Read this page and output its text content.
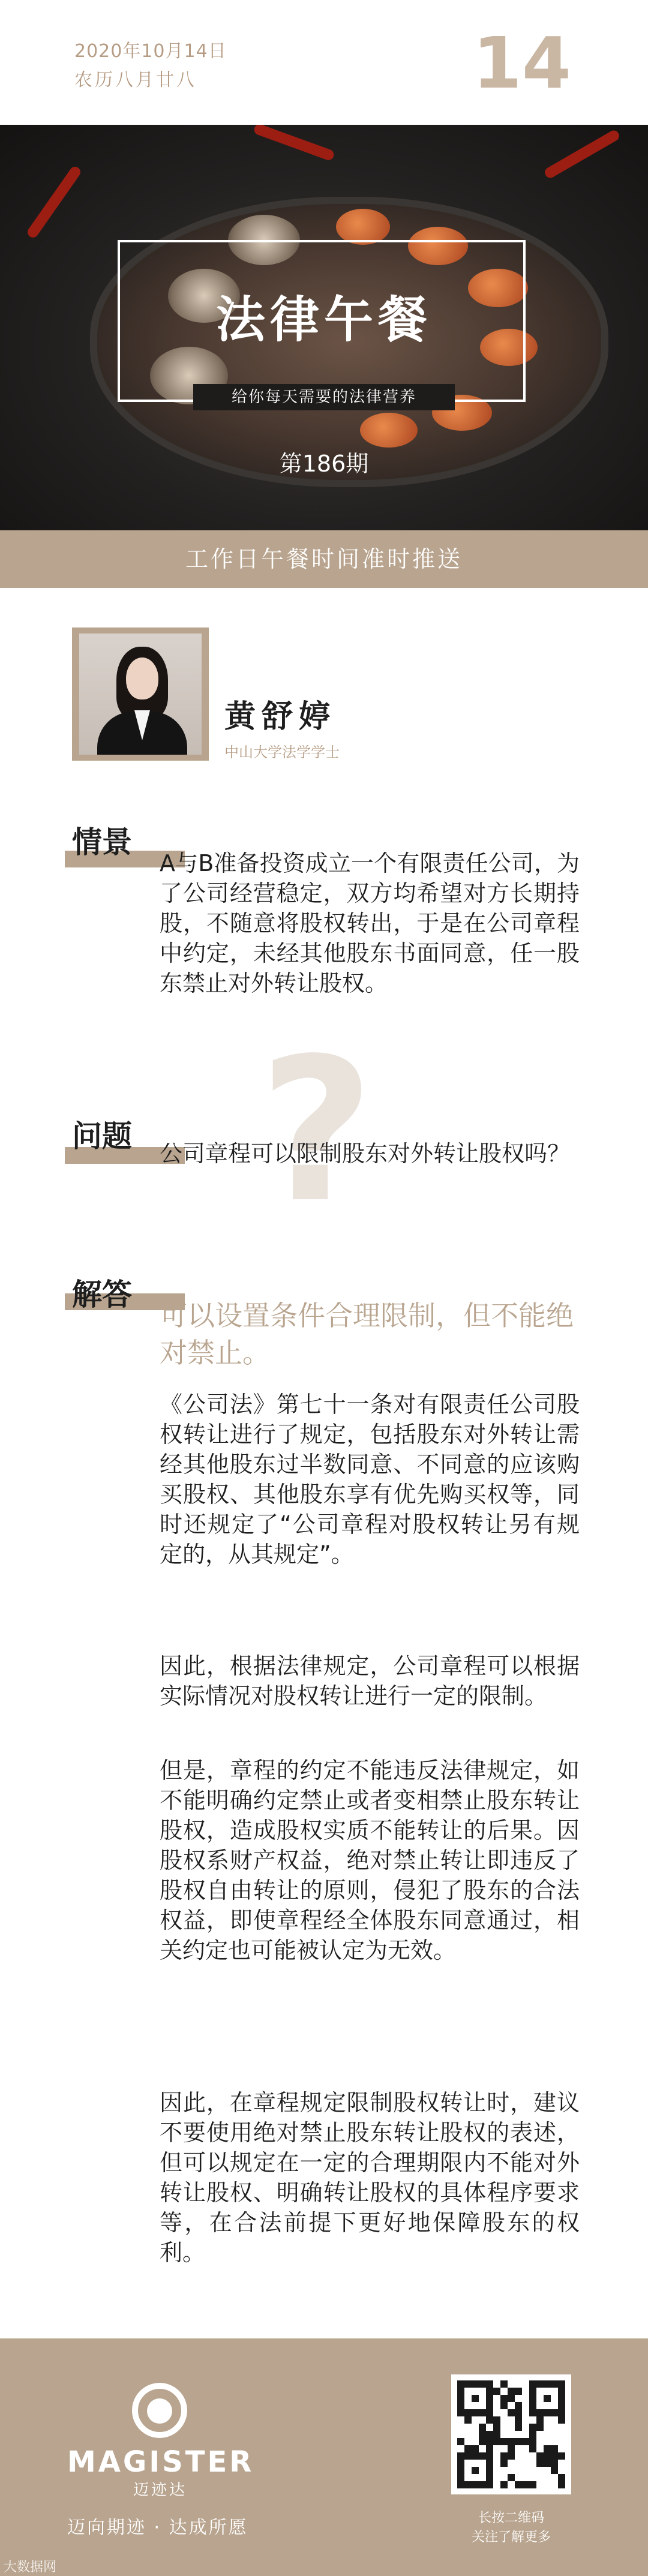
2020年10月14日
农历八月廿八	14
法律午餐
给你每天需要的法律营养
第186期
工作日午餐时间准时推送
黄舒婷
中山大学法学学士
情景
A与B准备投资成立一个有限责任公司，为了公司经营稳定，双方均希望对方长期持股，不随意将股权转出，于是在公司章程中约定，未经其他股东书面同意，任一股东禁止对外转让股权。
?
问题 公司章程可以限制股东对外转让股权吗？
解答
可以设置条件合理限制，但不能绝对禁止。
《公司法》第七十一条对有限责任公司股权转让进行了规定，包括股东对外转让需经其他股东过半数同意、不同意的应该购买股权、其他股东享有优先购买权等，同时还规定了“公司章程对股权转让另有规定的，从其规定”。
因此，根据法律规定，公司章程可以根据实际情况对股权转让进行一定的限制。
但是，章程的约定不能违反法律规定，如不能明确约定禁止或者变相禁止股东转让股权，造成股权实质不能转让的后果。因股权系财产权益，绝对禁止转让即违反了股权自由转让的原则，侵犯了股东的合法权益，即使章程经全体股东同意通过，相关约定也可能被认定为无效。
因此，在章程规定限制股权转让时，建议不要使用绝对禁止股东转让股权的表述，但可以规定在一定的合理期限内不能对外转让股权、明确转让股权的具体程序要求等，在合法前提下更好地保障股东的权利。
MAGISTER
迈迹达
迈向期迹 · 达成所愿	长按二维码
关注了解更多
大数据网
